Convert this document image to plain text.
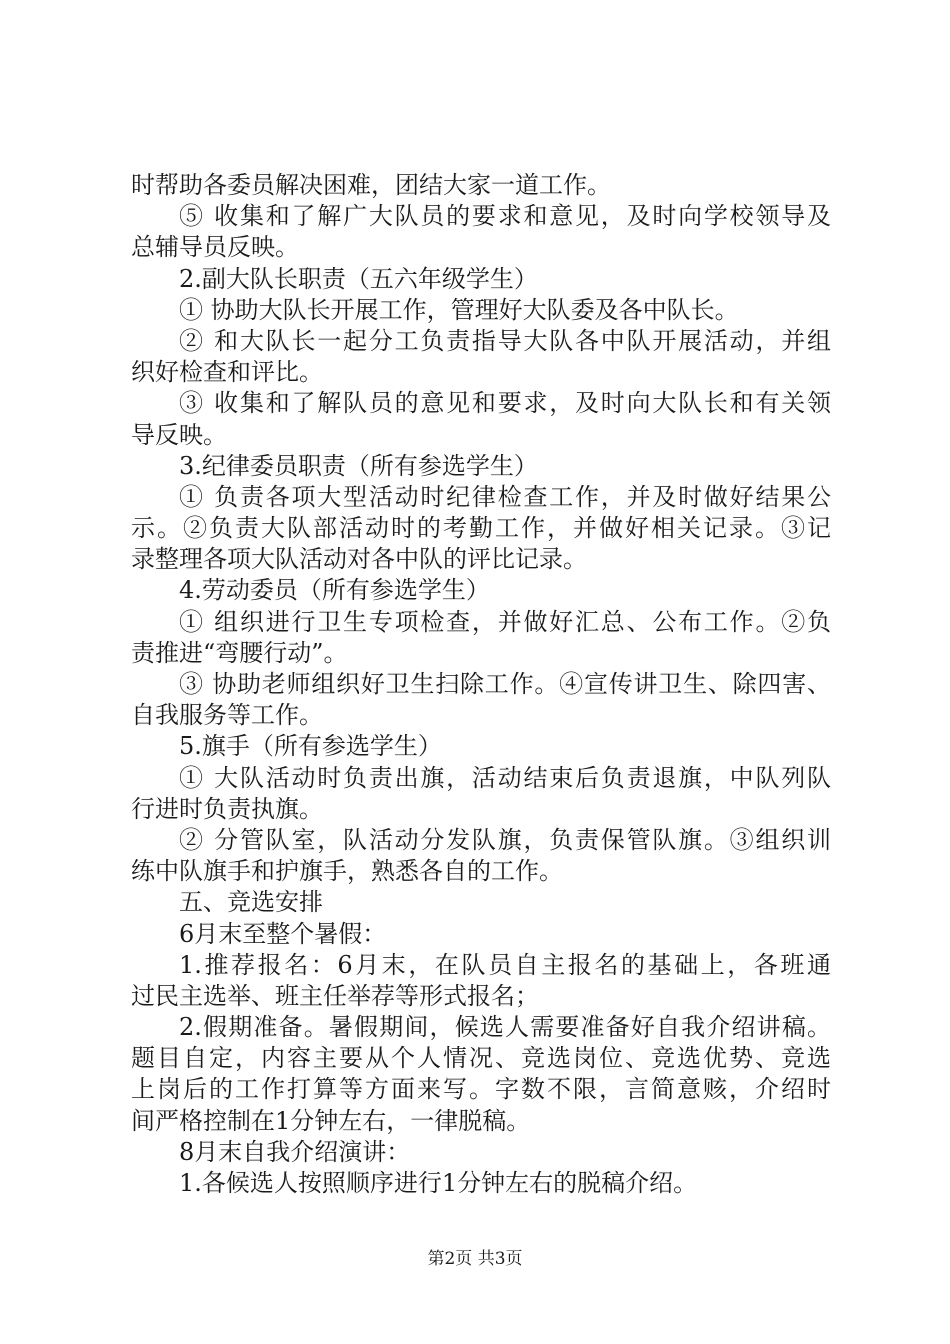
时帮助各委员解决困难，团结大家一道工作。
⑤ 收集和了解广大队员的要求和意见，及时向学校领导及
总辅导员反映。
2.副大队长职责（五六年级学生）
① 协助大队长开展工作，管理好大队委及各中队长。
② 和大队长一起分工负责指导大队各中队开展活动，并组
织好检查和评比。
③ 收集和了解队员的意见和要求，及时向大队长和有关领
导反映。
3.纪律委员职责（所有参选学生）
① 负责各项大型活动时纪律检查工作，并及时做好结果公
示。②负责大队部活动时的考勤工作，并做好相关记录。③记
录整理各项大队活动对各中队的评比记录。
4.劳动委员（所有参选学生）
① 组织进行卫生专项检查，并做好汇总、公布工作。②负
责推进“弯腰行动”。
③ 协助老师组织好卫生扫除工作。④宣传讲卫生、除四害、
自我服务等工作。
5.旗手（所有参选学生）
① 大队活动时负责出旗，活动结束后负责退旗，中队列队
行进时负责执旗。
② 分管队室，队活动分发队旗，负责保管队旗。③组织训
练中队旗手和护旗手，熟悉各自的工作。
五、竞选安排
6月末至整个暑假：
1.推荐报名：6月末，在队员自主报名的基础上，各班通
过民主选举、班主任举荐等形式报名；
2.假期准备。暑假期间，候选人需要准备好自我介绍讲稿。
题目自定，内容主要从个人情况、竞选岗位、竞选优势、竞选
上岗后的工作打算等方面来写。字数不限，言简意赅，介绍时
间严格控制在1分钟左右，一律脱稿。
8月末自我介绍演讲：
1.各候选人按照顺序进行1分钟左右的脱稿介绍。
第2页 共3页
